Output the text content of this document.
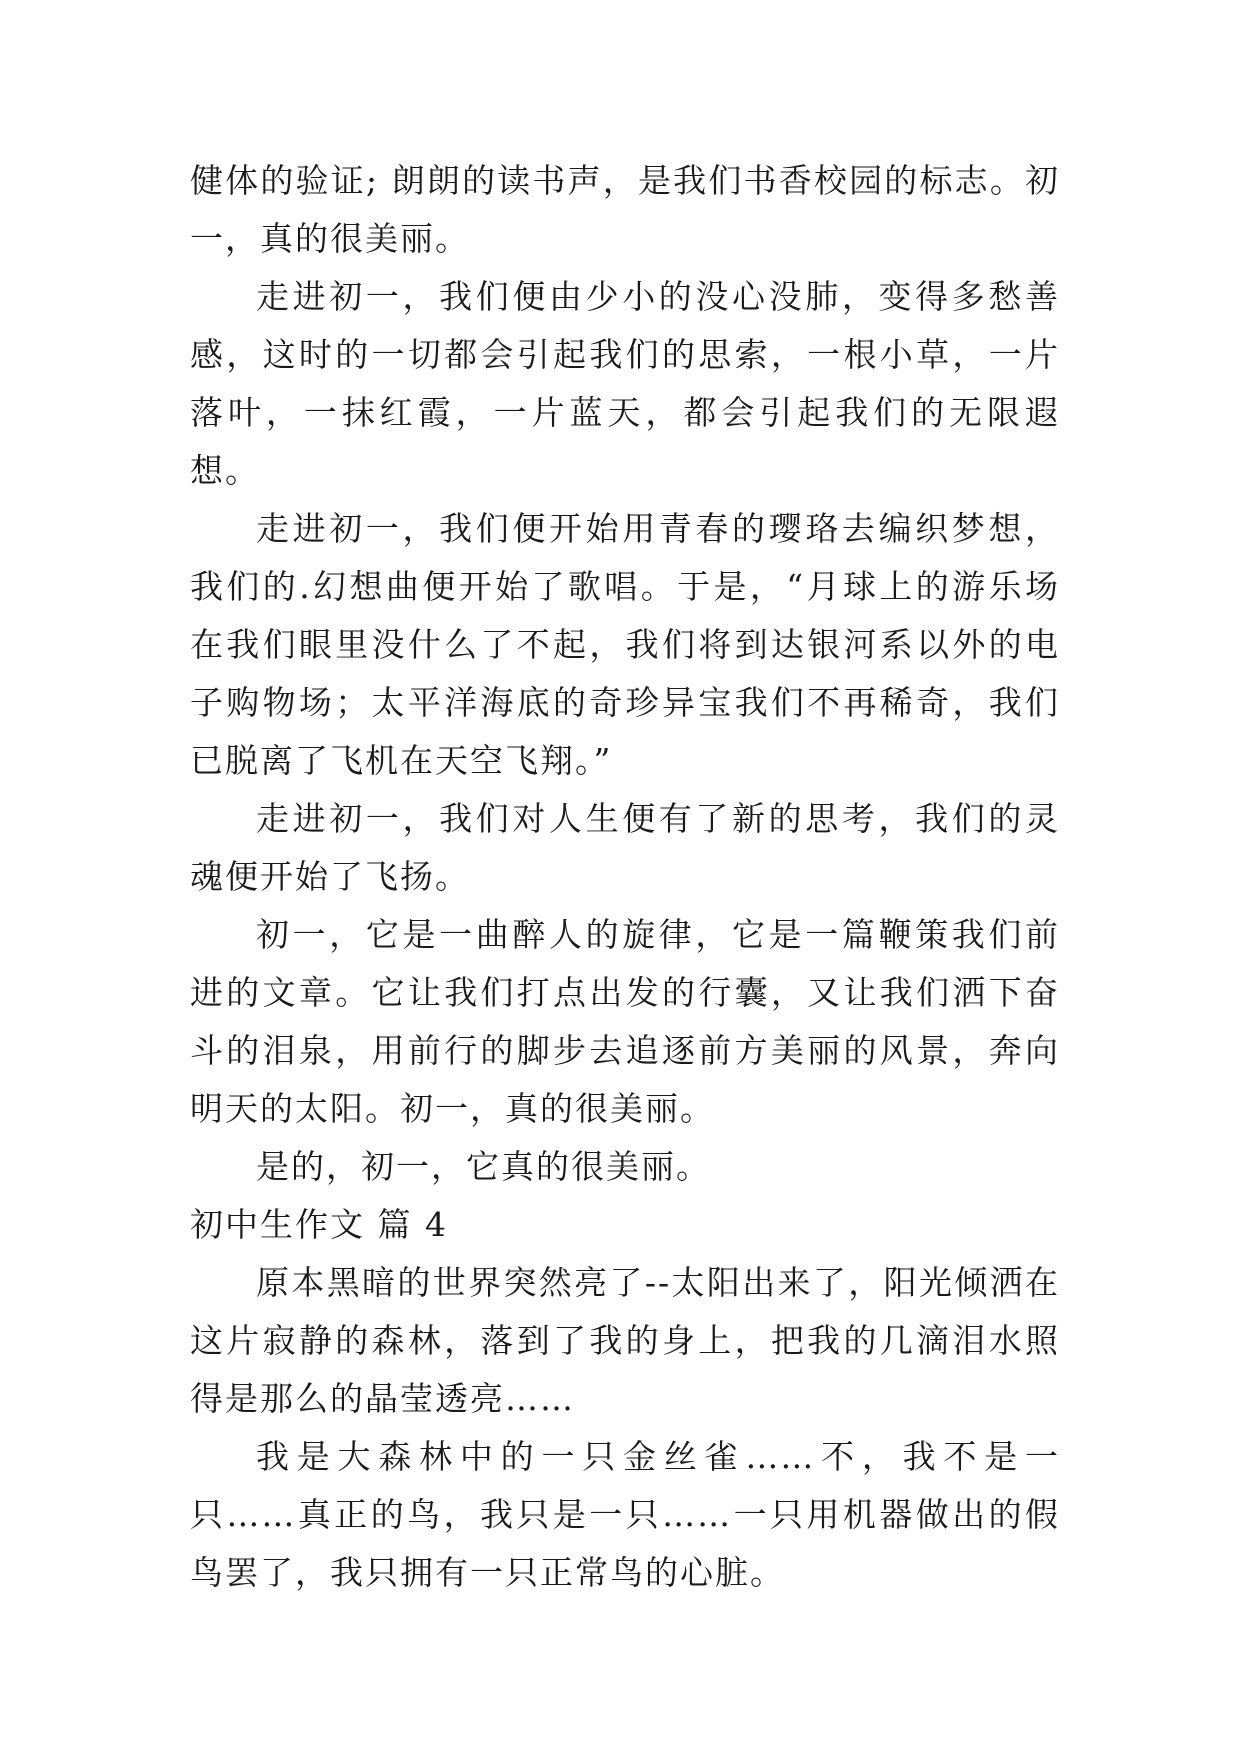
健体的验证; 朗朗的读书声，是我们书香校园的标志。初一，真的很美丽。

走进初一，我们便由少小的没心没肺，变得多愁善感，这时的一切都会引起我们的思索，一根小草，一片落叶，一抹红霞，一片蓝天，都会引起我们的无限遐想。

走进初一，我们便开始用青春的璎珞去编织梦想，我们的.幻想曲便开始了歌唱。于是，“月球上的游乐场在我们眼里没什么了不起，我们将到达银河系以外的电子购物场；太平洋海底的奇珍异宝我们不再稀奇，我们已脱离了飞机在天空飞翔。”

走进初一，我们对人生便有了新的思考，我们的灵魂便开始了飞扬。

初一，它是一曲醉人的旋律，它是一篇鞭策我们前进的文章。它让我们打点出发的行囊，又让我们洒下奋斗的泪泉，用前行的脚步去追逐前方美丽的风景，奔向明天的太阳。初一，真的很美丽。

是的，初一，它真的很美丽。

初中生作文 篇 4

原本黑暗的世界突然亮了--太阳出来了，阳光倾洒在这片寂静的森林，落到了我的身上，把我的几滴泪水照得是那么的晶莹透亮……

我是大森林中的一只金丝雀……不，我不是一只……真正的鸟，我只是一只……一只用机器做出的假鸟罢了，我只拥有一只正常鸟的心脏。
